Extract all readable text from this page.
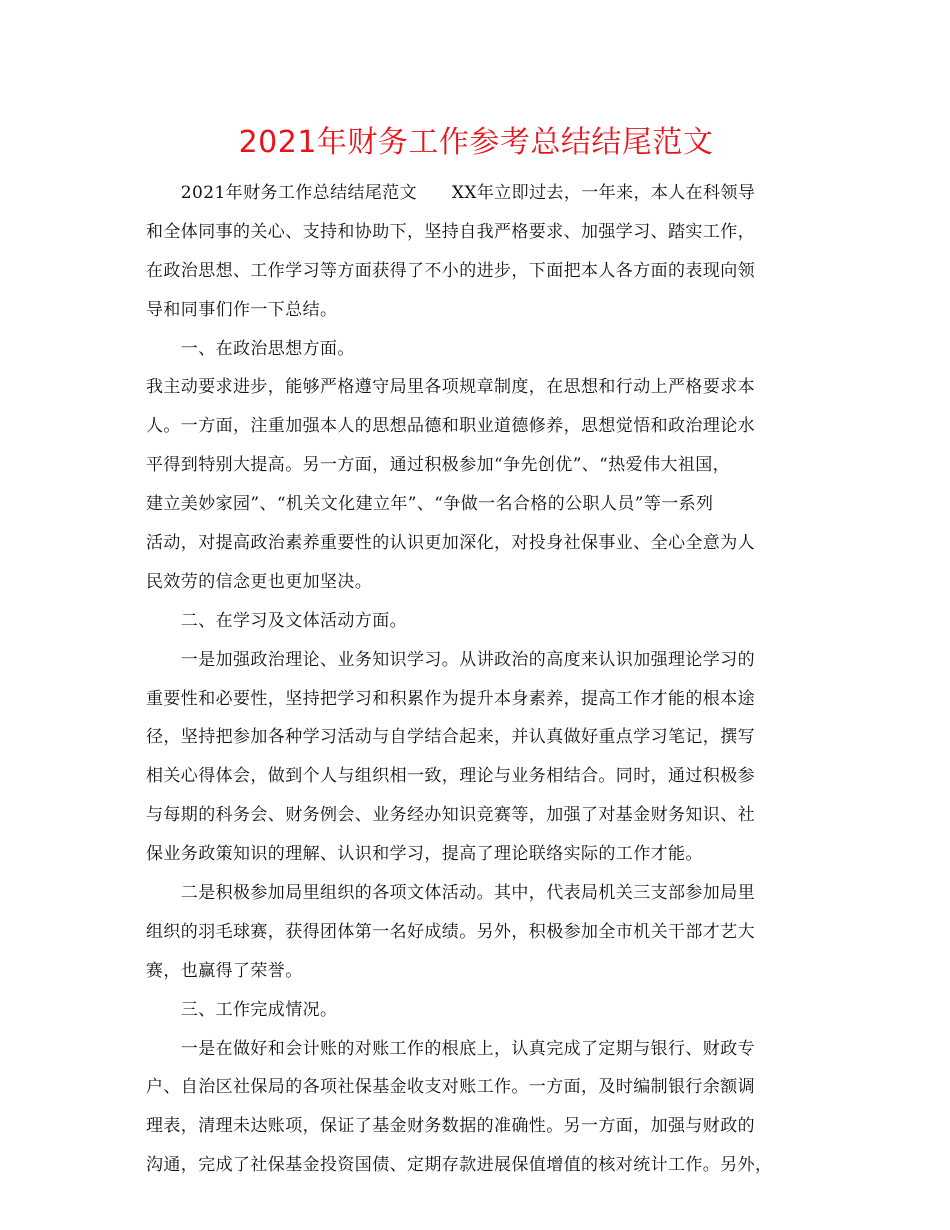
2021年财务工作参考总结结尾范文
　　2021年财务工作总结结尾范文　　XX年立即过去，一年来，本人在科领导
和全体同事的关心、支持和协助下，坚持自我严格要求、加强学习、踏实工作，
在政治思想、工作学习等方面获得了不小的进步，下面把本人各方面的表现向领
导和同事们作一下总结。
　　一、在政治思想方面。
我主动要求进步，能够严格遵守局里各项规章制度，在思想和行动上严格要求本
人。一方面，注重加强本人的思想品德和职业道德修养，思想觉悟和政治理论水
平得到特别大提高。另一方面，通过积极参加“争先创优”、“热爱伟大祖国，
建立美妙家园”、“机关文化建立年”、“争做一名合格的公职人员”等一系列
活动，对提高政治素养重要性的认识更加深化，对投身社保事业、全心全意为人
民效劳的信念更也更加坚决。
　　二、在学习及文体活动方面。
　　一是加强政治理论、业务知识学习。从讲政治的高度来认识加强理论学习的
重要性和必要性，坚持把学习和积累作为提升本身素养，提高工作才能的根本途
径，坚持把参加各种学习活动与自学结合起来，并认真做好重点学习笔记，撰写
相关心得体会，做到个人与组织相一致，理论与业务相结合。同时，通过积极参
与每期的科务会、财务例会、业务经办知识竞赛等，加强了对基金财务知识、社
保业务政策知识的理解、认识和学习，提高了理论联络实际的工作才能。
　　二是积极参加局里组织的各项文体活动。其中，代表局机关三支部参加局里
组织的羽毛球赛，获得团体第一名好成绩。另外，积极参加全市机关干部才艺大
赛，也赢得了荣誉。
　　三、工作完成情况。
　　一是在做好和会计账的对账工作的根底上，认真完成了定期与银行、财政专
户、自治区社保局的各项社保基金收支对账工作。一方面，及时编制银行余额调
理表，清理未达账项，保证了基金财务数据的准确性。另一方面，加强与财政的
沟通，完成了社保基金投资国债、定期存款进展保值增值的核对统计工作。另外，
